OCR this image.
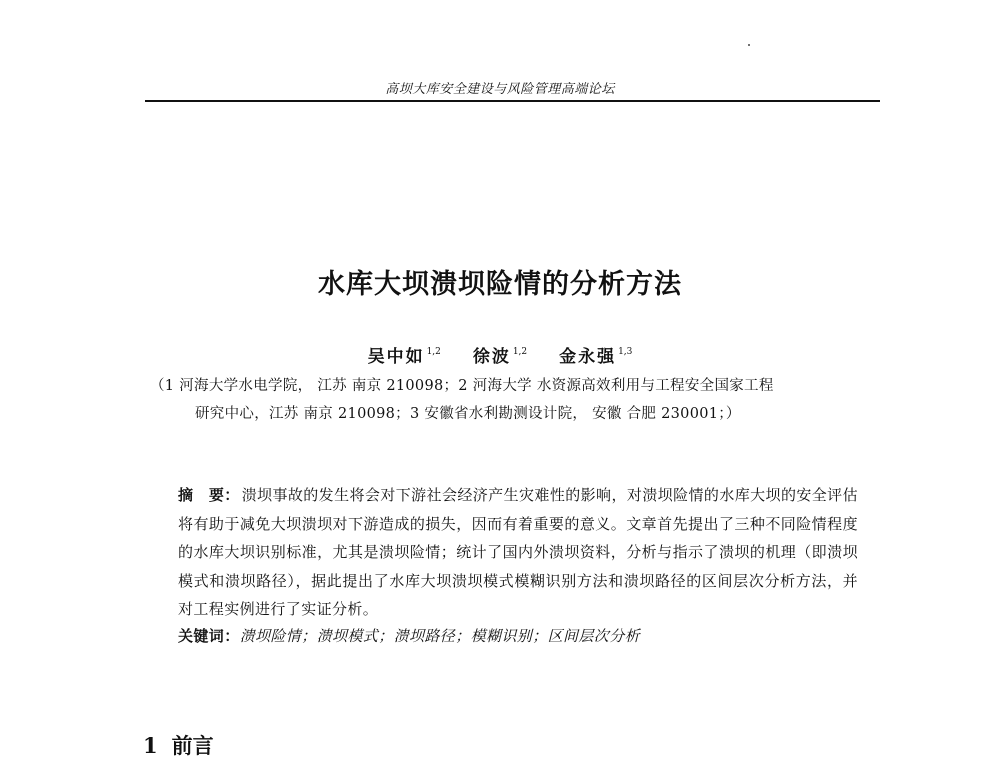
高坝大库安全建设与风险管理高端论坛
水库大坝溃坝险情的分析方法
吴中如 $^{1,2}$ 徐波 $^{1,2}$ 金永强 $^{1,3}$
（1 河海大学水电学院， 江苏 南京 210098；2 河海大学 水资源高效利用与工程安全国家工程
研究中心，江苏 南京 210098；3 安徽省水利勘测设计院， 安徽 合肥 230001；）

摘　要： 溃坝事故的发生将会对下游社会经济产生灾难性的影响，对溃坝险情的水库大坝的安全评估将有助于减免大坝溃坝对下游造成的损失，因而有着重要的意义。文章首先提出了三种不同险情程度的水库大坝识别标准，尤其是溃坝险情；统计了国内外溃坝资料，分析与指示了溃坝的机理（即溃坝模式和溃坝路径），据此提出了水库大坝溃坝模式模糊识别方法和溃坝路径的区间层次分析方法，并对工程实例进行了实证分析。

关键词：溃坝险情；溃坝模式；溃坝路径；模糊识别；区间层次分析
1 前言
